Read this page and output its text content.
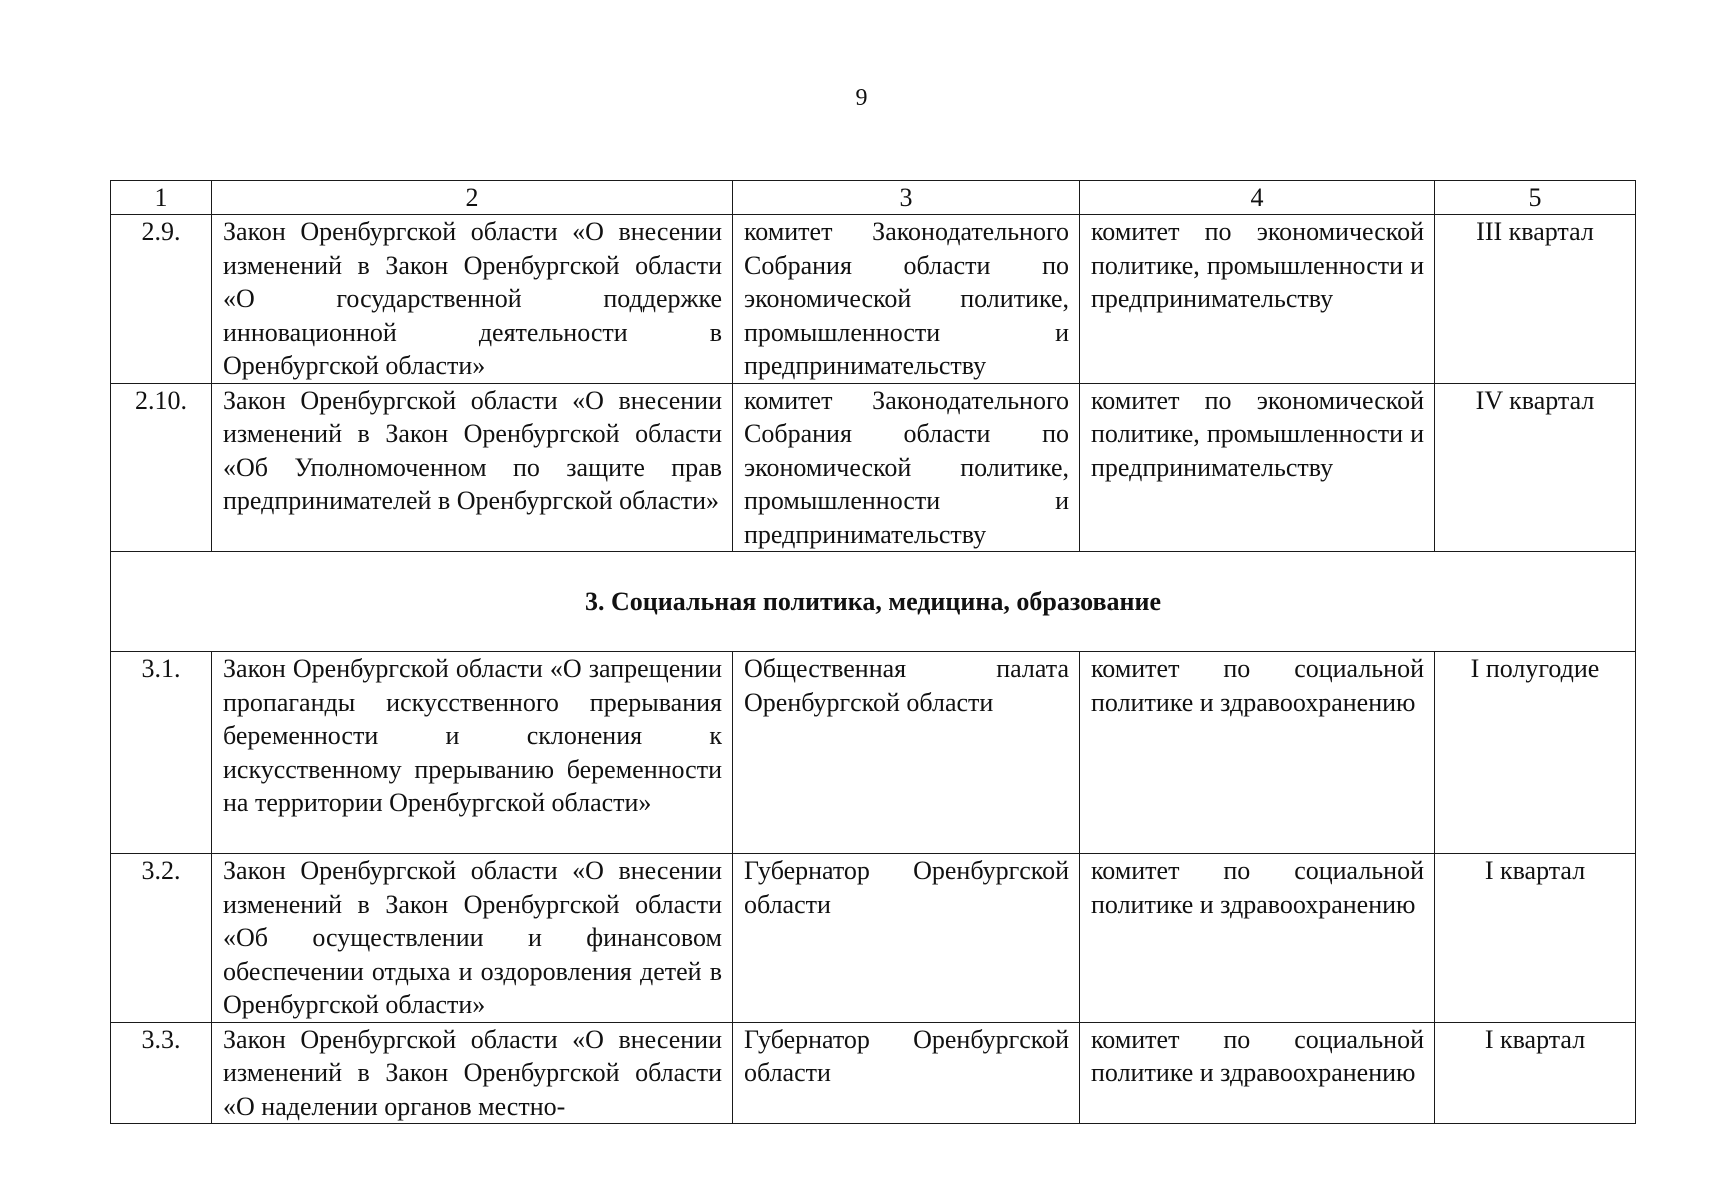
9
1	2	3	4	5
2.9.	Закон Оренбургской области «О внесении изменений в Закон Оренбургской области «О государственной поддержке инновационной деятельности в Оренбургской области»	комитет Законодательного Собрания области по экономической политике, промышленности и предпринимательству	комитет по экономической политике, промышленности и предпринимательству	III квартал
2.10.	Закон Оренбургской области «О внесении изменений в Закон Оренбургской области «Об Уполномоченном по защите прав предпринимателей в Оренбургской области»	комитет Законодательного Собрания области по экономической политике, промышленности и предпринимательству	комитет по экономической политике, промышленности и предпринимательству	IV квартал
3. Социальная политика, медицина, образование				
3.1.	Закон Оренбургской области «О запрещении пропаганды искусственного прерывания беременности и склонения к искусственному прерыванию беременности на территории Оренбургской области»	Общественная палата Оренбургской области	комитет по социальной политике и здравоохранению	I полугодие
3.2.	Закон Оренбургской области «О внесении изменений в Закон Оренбургской области «Об осуществлении и финансовом обеспечении отдыха и оздоровления детей в Оренбургской области»	Губернатор Оренбургской области	комитет по социальной политике и здравоохранению	I квартал
3.3.	Закон Оренбургской области «О внесении изменений в Закон Оренбургской области «О наделении органов местно-	Губернатор Оренбургской области	комитет по социальной политике и здравоохранению	I квартал
